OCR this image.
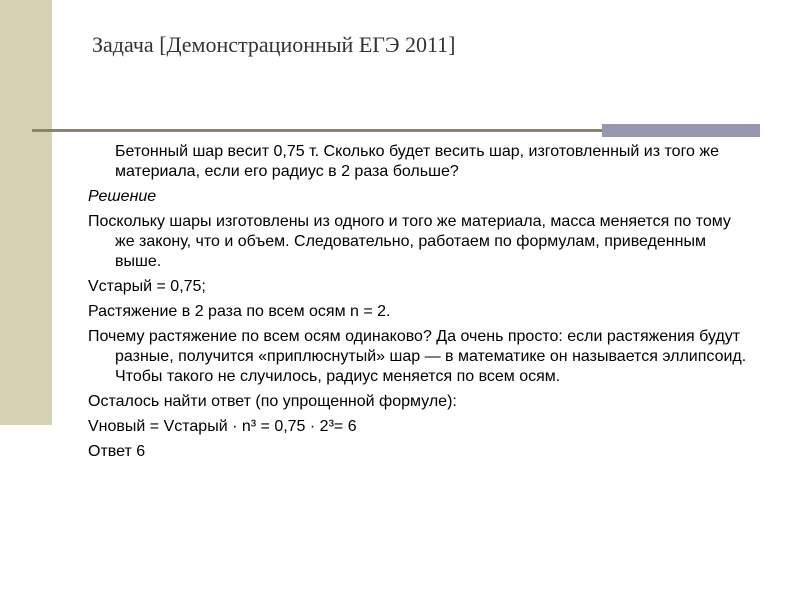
Задача [Демонстрационный ЕГЭ 2011]

Бетонный шар весит 0,75 т. Сколько будет весить шар, изготовленный из того же материала, если его радиус в 2 раза больше?

Решение

Поскольку шары изготовлены из одного и того же материала, масса меняется по тому же закону, что и объем. Следовательно, работаем по формулам, приведенным выше.

Vстарый = 0,75;

Растяжение в 2 раза по всем осям n = 2.

Почему растяжение по всем осям одинаково? Да очень просто: если растяжения будут разные, получится «приплюснутый» шар — в математике он называется эллипсоид. Чтобы такого не случилось, радиус меняется по всем осям.

Осталось найти ответ (по упрощенной формуле):

Vновый = Vстарый · n³ = 0,75 · 2³= 6

Ответ 6
